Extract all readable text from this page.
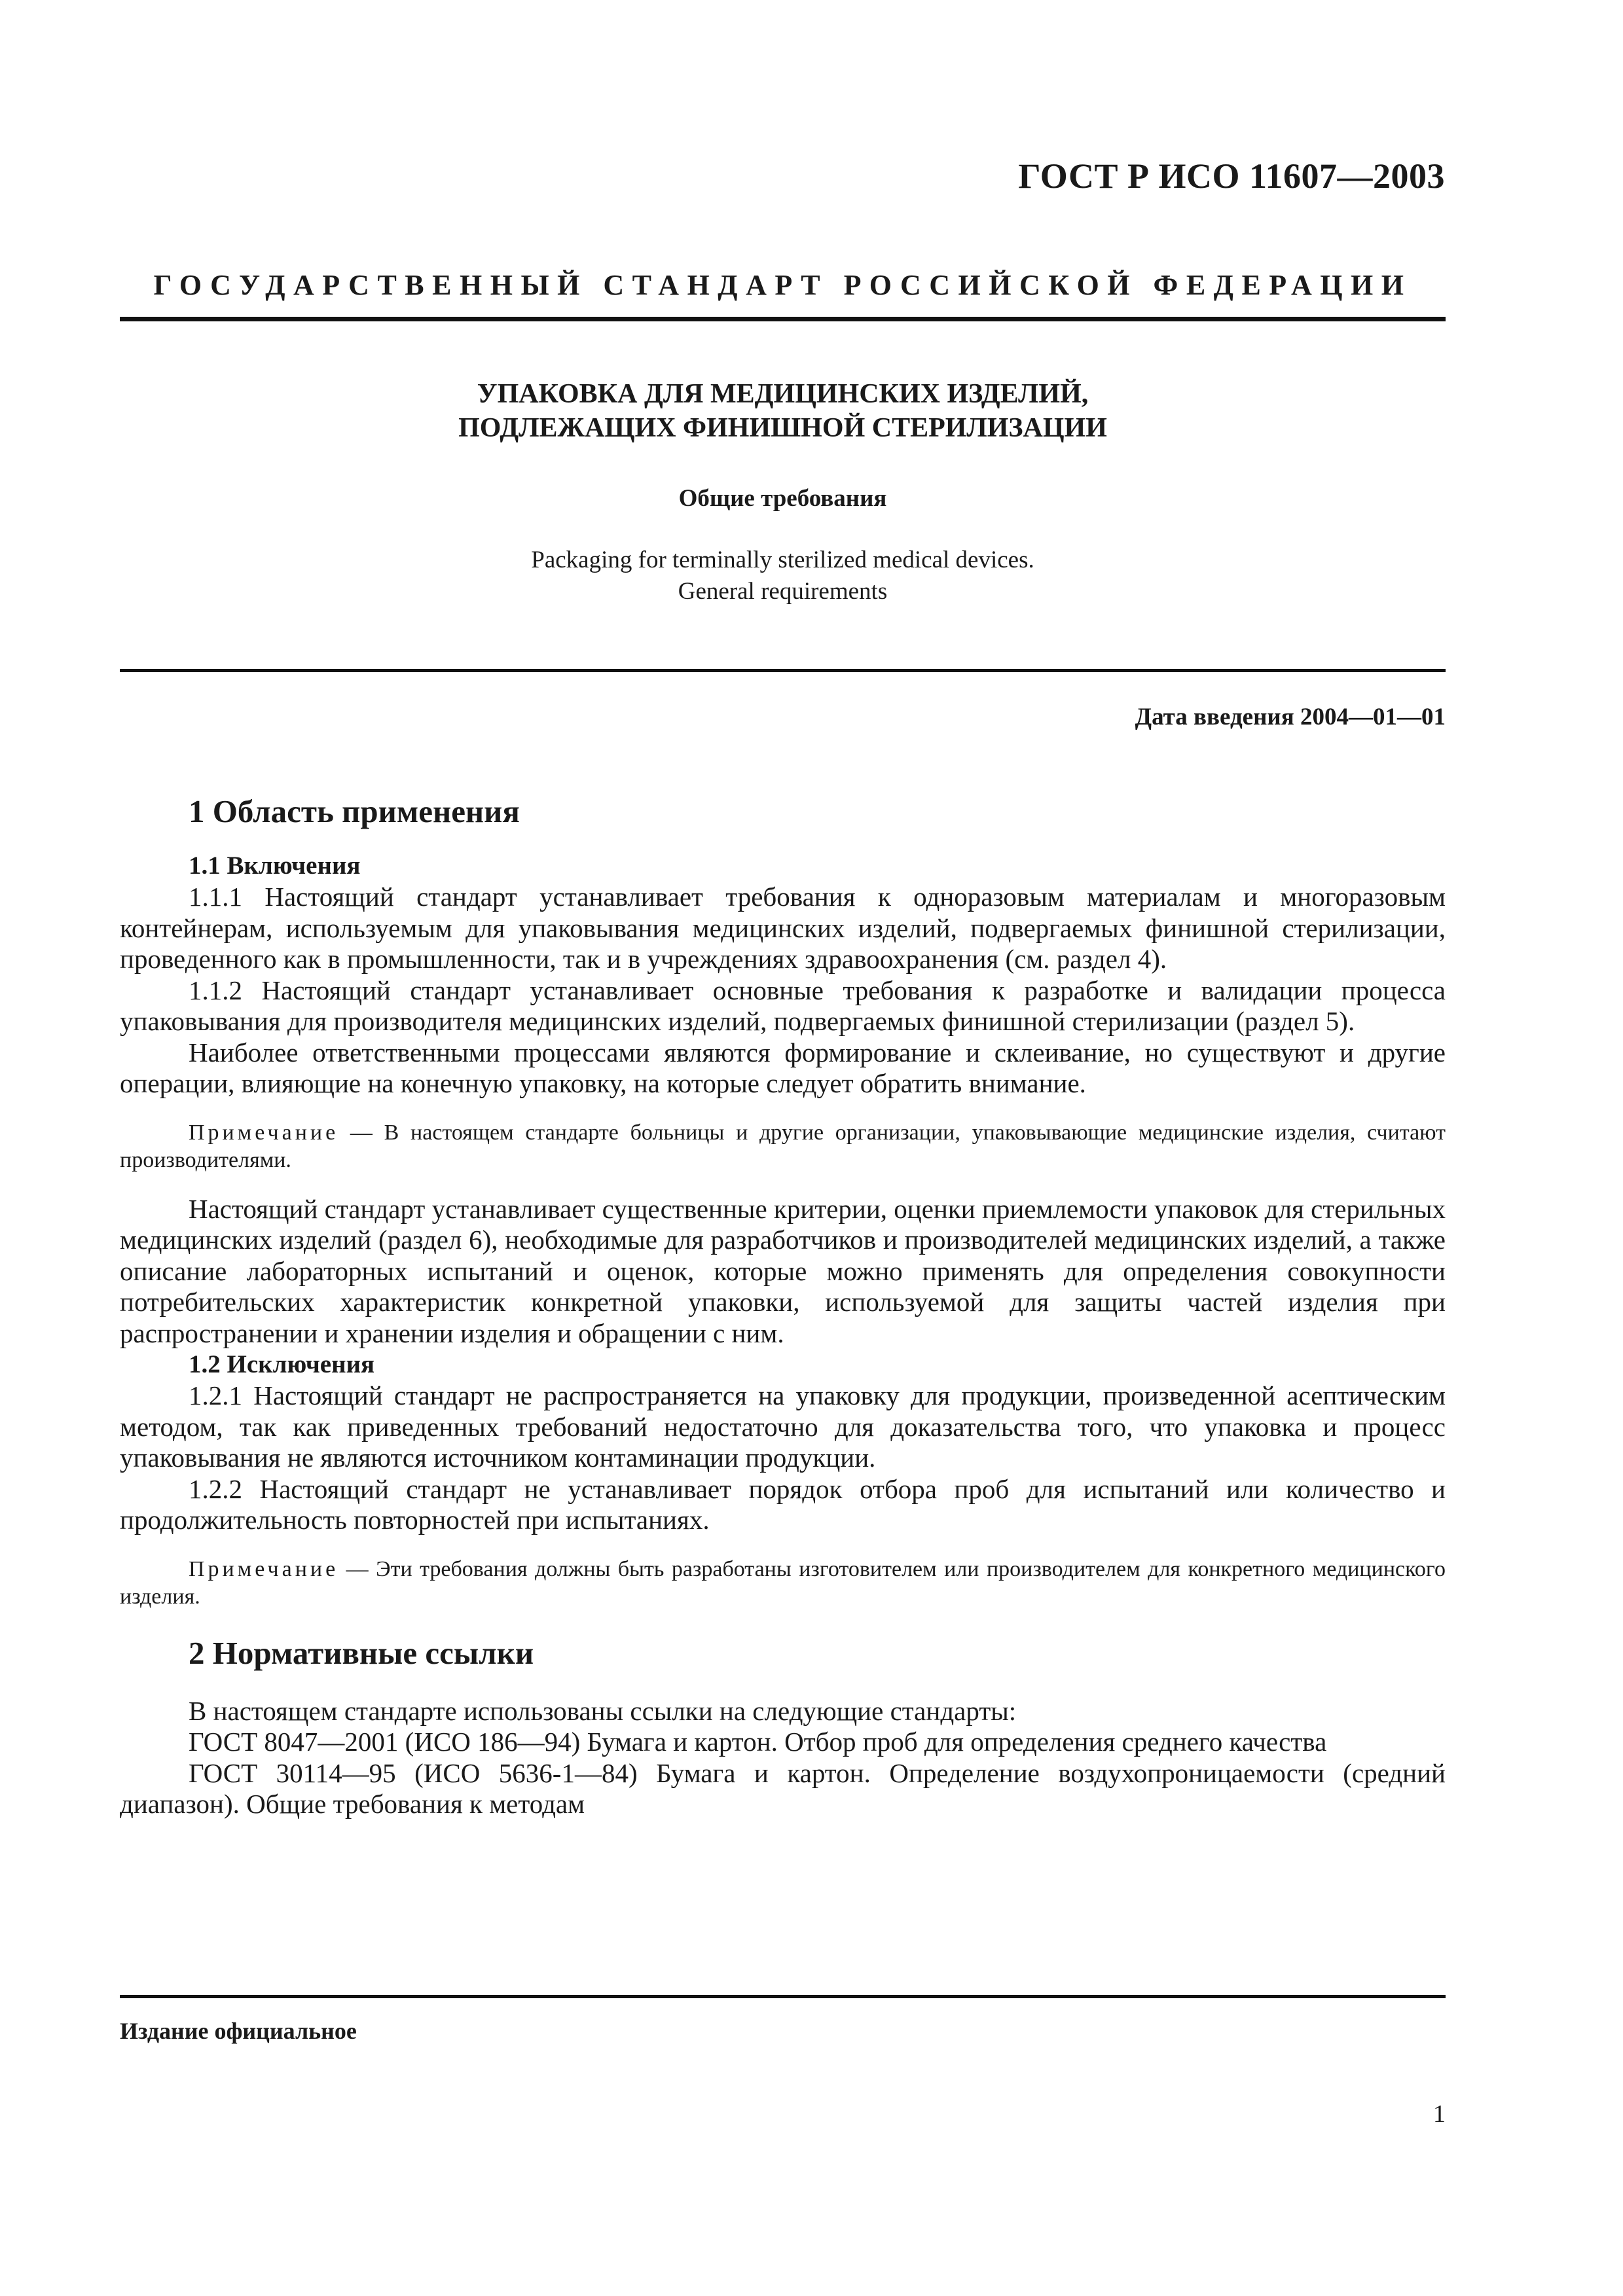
ГОСТ Р ИСО 11607—2003
ГОСУДАРСТВЕННЫЙ СТАНДАРТ РОССИЙСКОЙ ФЕДЕРАЦИИ
УПАКОВКА ДЛЯ МЕДИЦИНСКИХ ИЗДЕЛИЙ,
ПОДЛЕЖАЩИХ ФИНИШНОЙ СТЕРИЛИЗАЦИИ
Общие требования
Packaging for terminally sterilized medical devices.
General requirements
Дата введения 2004—01—01
1 Область применения
1.1 Включения

1.1.1 Настоящий стандарт устанавливает требования к одноразовым материалам и многоразовым контейнерам, используемым для упаковывания медицинских изделий, подвергаемых финишной стерилизации, проведенного как в промышленности, так и в учреждениях здравоохранения (см. раздел 4).

1.1.2 Настоящий стандарт устанавливает основные требования к разработке и валидации процесса упаковывания для производителя медицинских изделий, подвергаемых финишной стерилизации (раздел 5).

Наиболее ответственными процессами являются формирование и склеивание, но существуют и другие операции, влияющие на конечную упаковку, на которые следует обратить внимание.

Примечание — В настоящем стандарте больницы и другие организации, упаковывающие медицинские изделия, считают производителями.

Настоящий стандарт устанавливает существенные критерии, оценки приемлемости упаковок для стерильных медицинских изделий (раздел 6), необходимые для разработчиков и производителей медицинских изделий, а также описание лабораторных испытаний и оценок, которые можно применять для определения совокупности потребительских характеристик конкретной упаковки, используемой для защиты частей изделия при распространении и хранении изделия и обращении с ним.

1.2 Исключения

1.2.1 Настоящий стандарт не распространяется на упаковку для продукции, произведенной асептическим методом, так как приведенных требований недостаточно для доказательства того, что упаковка и процесс упаковывания не являются источником контаминации продукции.

1.2.2 Настоящий стандарт не устанавливает порядок отбора проб для испытаний или количество и продолжительность повторностей при испытаниях.

Примечание — Эти требования должны быть разработаны изготовителем или производителем для конкретного медицинского изделия.

2 Нормативные ссылки

В настоящем стандарте использованы ссылки на следующие стандарты:

ГОСТ 8047—2001 (ИСО 186—94) Бумага и картон. Отбор проб для определения среднего качества

ГОСТ 30114—95 (ИСО 5636-1—84) Бумага и картон. Определение воздухопроницаемости (средний диапазон). Общие требования к методам

Издание официальное
1
